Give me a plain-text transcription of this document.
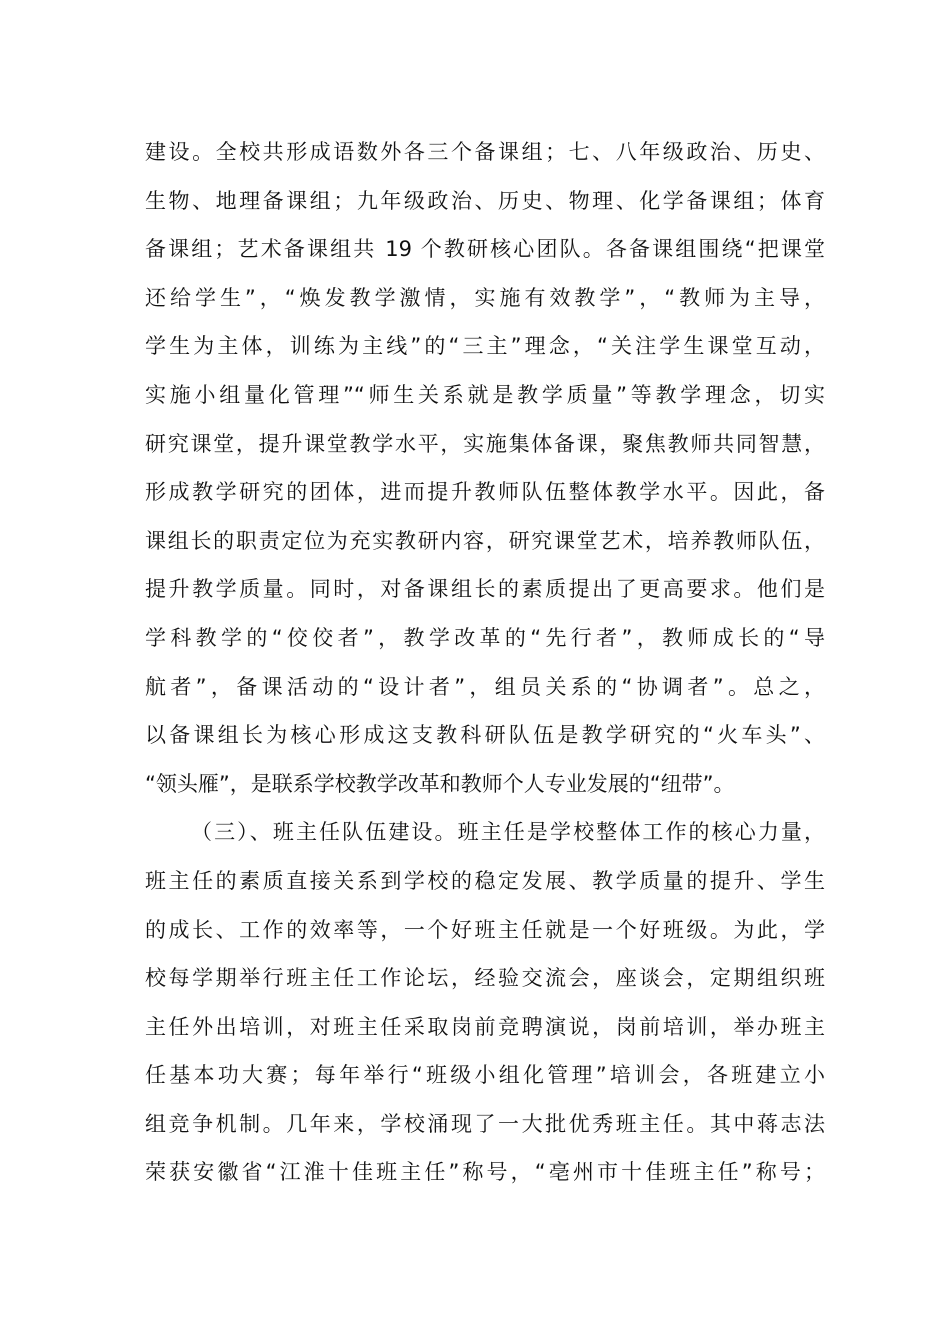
建设。全校共形成语数外各三个备课组；七、八年级政治、历史、
生物、地理备课组；九年级政治、历史、物理、化学备课组；体育
备课组；艺术备课组共 19 个教研核心团队。各备课组围绕“把课堂
还给学生”，“焕发教学激情，实施有效教学”，“教师为主导，
学生为主体，训练为主线”的“三主”理念，“关注学生课堂互动，
实施小组量化管理”“师生关系就是教学质量”等教学理念，切实
研究课堂，提升课堂教学水平，实施集体备课，聚焦教师共同智慧，
形成教学研究的团体，进而提升教师队伍整体教学水平。因此，备
课组长的职责定位为充实教研内容，研究课堂艺术，培养教师队伍，
提升教学质量。同时，对备课组长的素质提出了更高要求。他们是
学科教学的“佼佼者”，教学改革的“先行者”，教师成长的“导
航者”，备课活动的“设计者”，组员关系的“协调者”。总之，
以备课组长为核心形成这支教科研队伍是教学研究的“火车头”、
“领头雁”，是联系学校教学改革和教师个人专业发展的“纽带”。
（三）、班主任队伍建设。班主任是学校整体工作的核心力量，
班主任的素质直接关系到学校的稳定发展、教学质量的提升、学生
的成长、工作的效率等，一个好班主任就是一个好班级。为此，学
校每学期举行班主任工作论坛，经验交流会，座谈会，定期组织班
主任外出培训，对班主任采取岗前竞聘演说，岗前培训，举办班主
任基本功大赛；每年举行“班级小组化管理”培训会，各班建立小
组竞争机制。几年来，学校涌现了一大批优秀班主任。其中蒋志法
荣获安徽省“江淮十佳班主任”称号，“亳州市十佳班主任”称号；
